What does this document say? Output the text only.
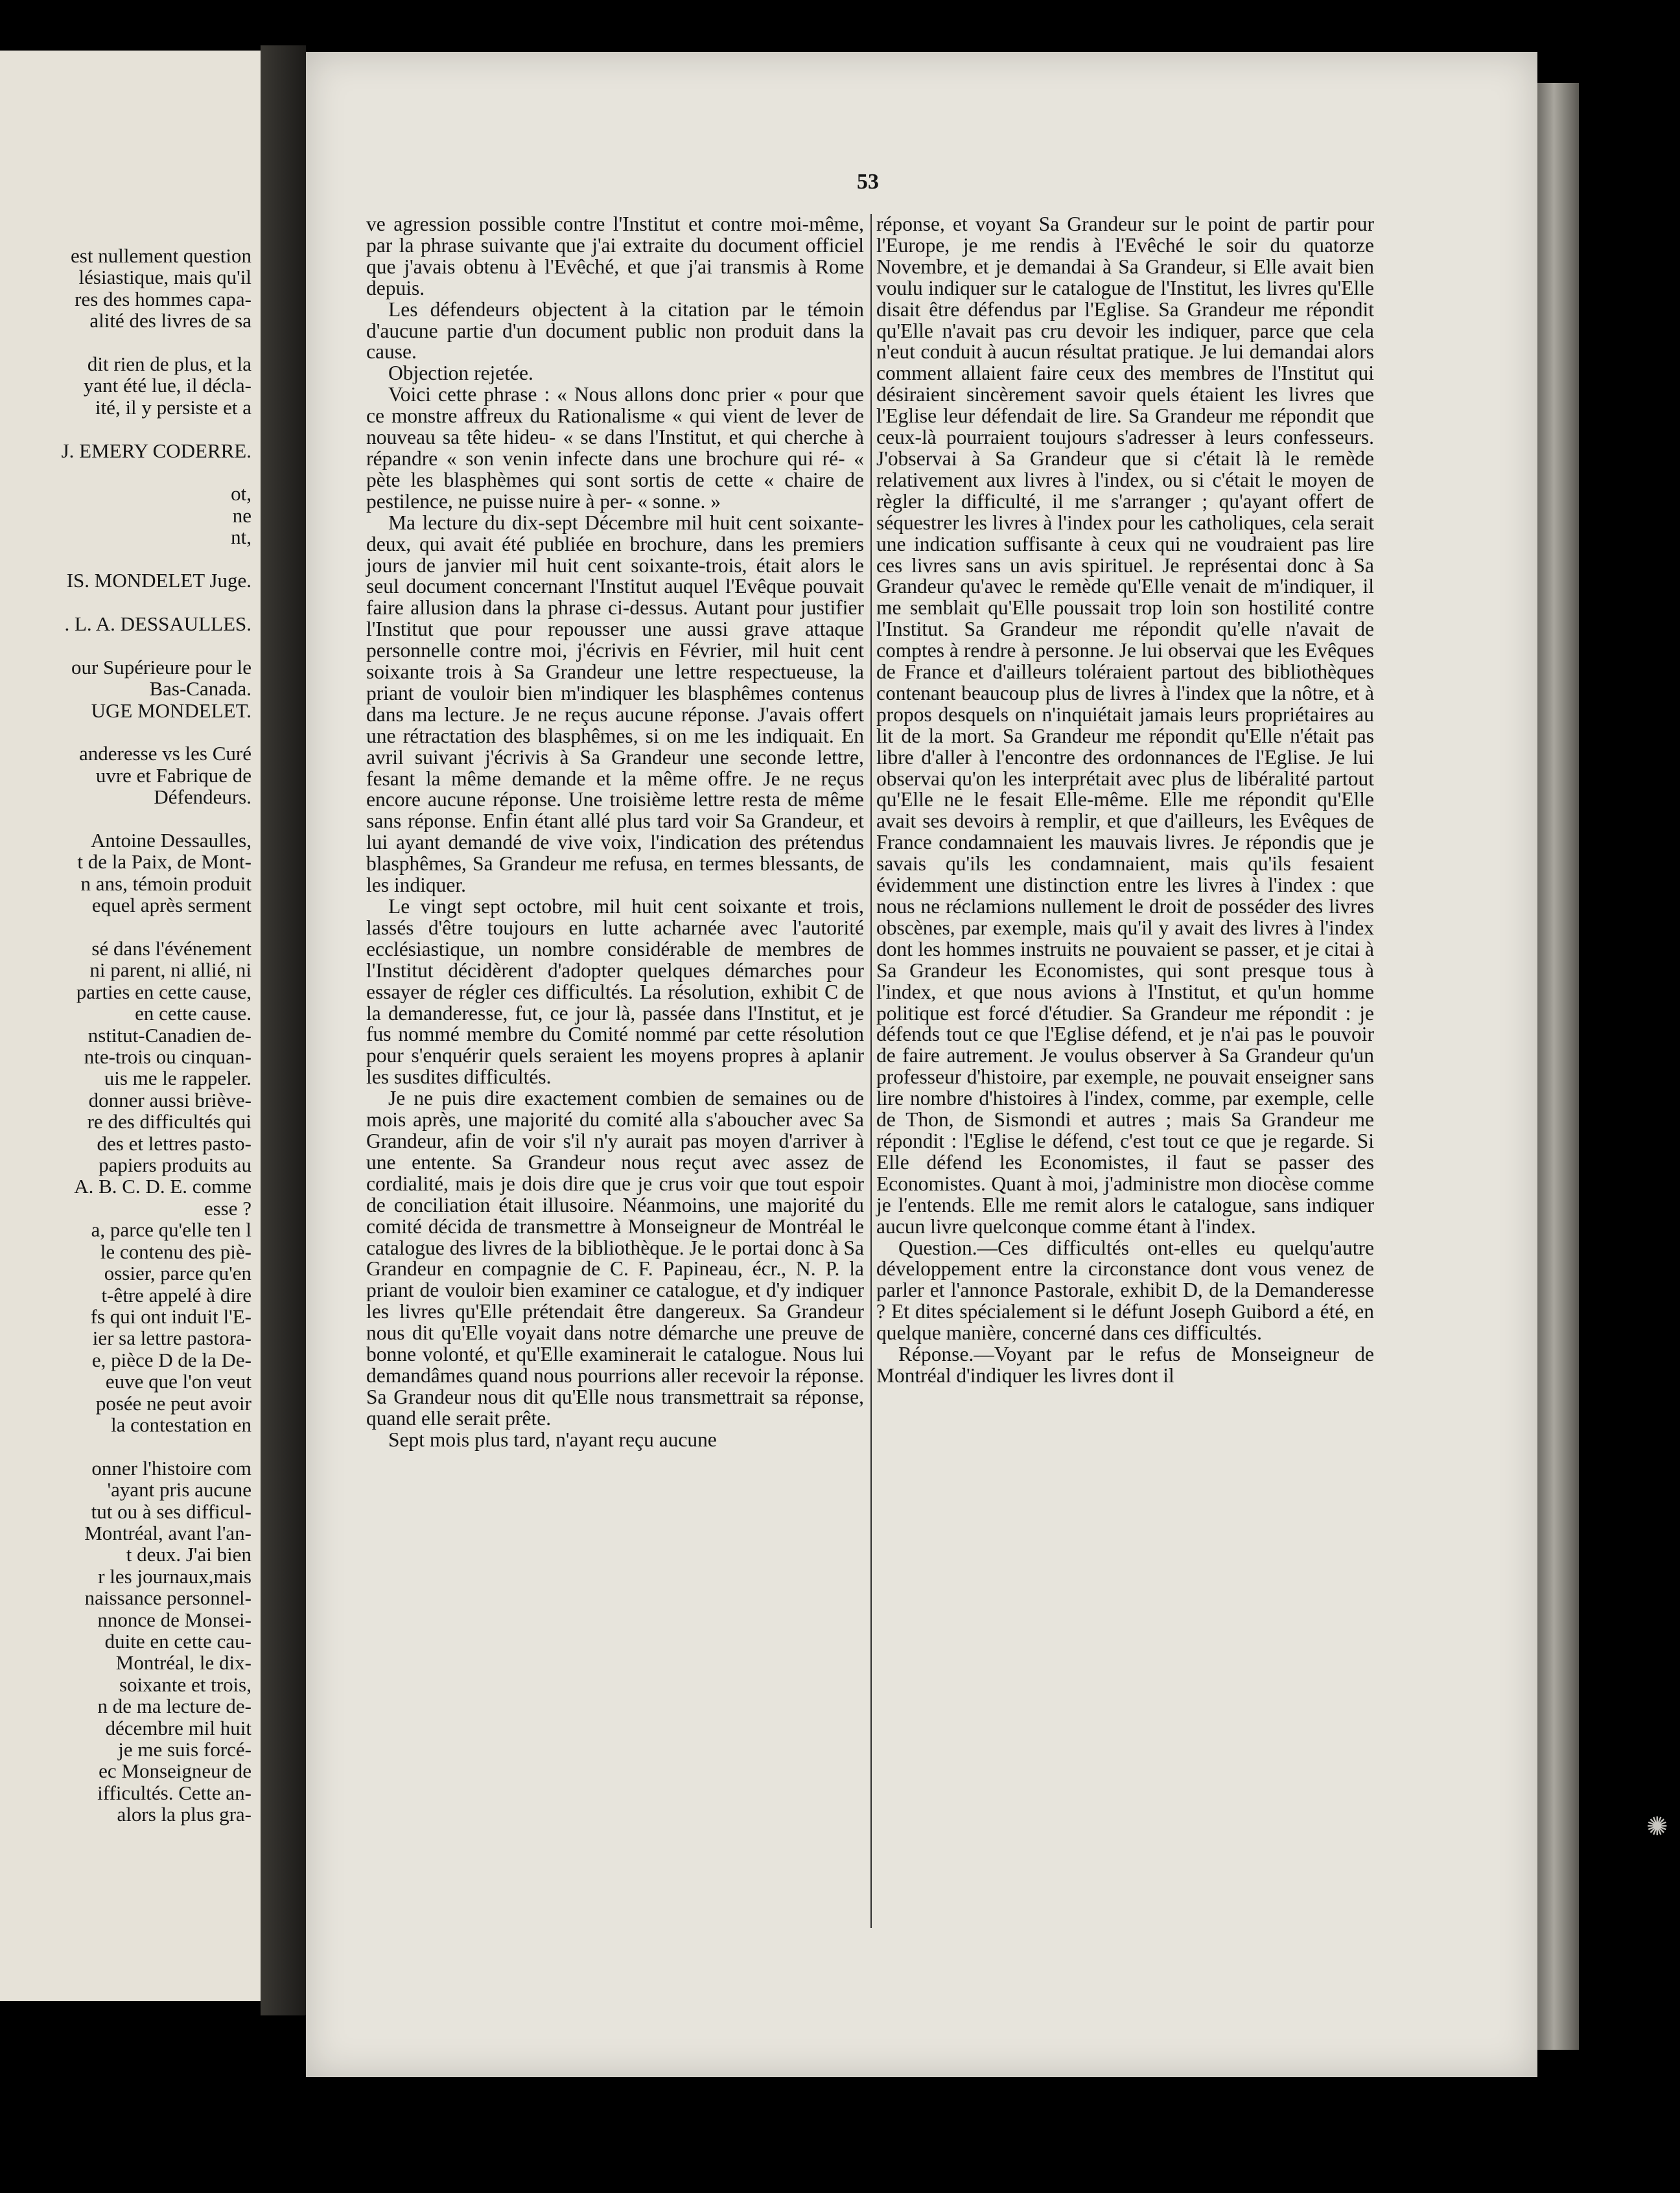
est nullement question

lésiastique, mais qu'il

res des hommes capa-

alité des livres de sa

dit rien de plus, et la

yant été lue, il décla-

ité, il y persiste et a

J. EMERY CODERRE.

ot,

ne

nt,

IS. MONDELET Juge.

. L. A. DESSAULLES.

our Supérieure pour le

Bas-Canada.

UGE MONDELET.

anderesse vs les Curé

uvre et Fabrique de

Défendeurs.

Antoine Dessaulles,

t de la Paix, de Mont-

n ans, témoin produit

equel après serment

sé dans l'événement

ni parent, ni allié, ni

parties en cette cause,

en cette cause.

nstitut-Canadien de-

nte-trois ou cinquan-

uis me le rappeler.

donner aussi briève-

re des difficultés qui

des et lettres pasto-

papiers produits au

A. B. C. D. E. comme

esse ?

a, parce qu'elle ten l

le contenu des piè-

ossier, parce qu'en

t-être appelé à dire

fs qui ont induit l'E-

ier sa lettre pastora-

e, pièce D de la De-

euve que l'on veut

posée ne peut avoir

la contestation en

onner l'histoire com

'ayant pris aucune

tut ou à ses difficul-

Montréal, avant l'an-

t deux. J'ai bien

r les journaux,mais

naissance personnel-

nnonce de Monsei-

duite en cette cau-

Montréal, le dix-

soixante et trois,

n de ma lecture de-

décembre mil huit

je me suis forcé-

ec Monseigneur de

ifficultés. Cette an-

alors la plus gra-

53

ve agression possible contre l'Institut et contre moi-même, par la phrase suivante que j'ai extraite du document officiel que j'avais obtenu à l'Evêché, et que j'ai transmis à Rome depuis.

Les défendeurs objectent à la citation par le témoin d'aucune partie d'un document public non produit dans la cause.

Objection rejetée.

Voici cette phrase : « Nous allons donc prier « pour que ce monstre affreux du Rationalisme « qui vient de lever de nouveau sa tête hideu- « se dans l'Institut, et qui cherche à répandre « son venin infecte dans une brochure qui ré- « pète les blasphèmes qui sont sortis de cette « chaire de pestilence, ne puisse nuire à per- « sonne. »

Ma lecture du dix-sept Décembre mil huit cent soixante-deux, qui avait été publiée en brochure, dans les premiers jours de janvier mil huit cent soixante-trois, était alors le seul document concernant l'Institut auquel l'Evêque pouvait faire allusion dans la phrase ci-dessus. Autant pour justifier l'Institut que pour repousser une aussi grave attaque personnelle contre moi, j'écrivis en Février, mil huit cent soixante trois à Sa Grandeur une lettre respectueuse, la priant de vouloir bien m'indiquer les blasphêmes contenus dans ma lecture. Je ne reçus aucune réponse. J'avais offert une rétractation des blasphêmes, si on me les indiquait. En avril suivant j'écrivis à Sa Grandeur une seconde lettre, fesant la même demande et la même offre. Je ne reçus encore aucune réponse. Une troisième lettre resta de même sans réponse. Enfin étant allé plus tard voir Sa Grandeur, et lui ayant demandé de vive voix, l'indication des prétendus blasphêmes, Sa Grandeur me refusa, en termes blessants, de les indiquer.

Le vingt sept octobre, mil huit cent soixante et trois, lassés d'être toujours en lutte acharnée avec l'autorité ecclésiastique, un nombre considérable de membres de l'Institut décidèrent d'adopter quelques démarches pour essayer de régler ces difficultés. La résolution, exhibit C de la demanderesse, fut, ce jour là, passée dans l'Institut, et je fus nommé membre du Comité nommé par cette résolution pour s'enquérir quels seraient les moyens propres à aplanir les susdites difficultés.

Je ne puis dire exactement combien de semaines ou de mois après, une majorité du comité alla s'aboucher avec Sa Grandeur, afin de voir s'il n'y aurait pas moyen d'arriver à une entente. Sa Grandeur nous reçut avec assez de cordialité, mais je dois dire que je crus voir que tout espoir de conciliation était illusoire. Néanmoins, une majorité du comité décida de transmettre à Monseigneur de Montréal le catalogue des livres de la bibliothèque. Je le portai donc à Sa Grandeur en compagnie de C. F. Papineau, écr., N. P. la priant de vouloir bien examiner ce catalogue, et d'y indiquer les livres qu'Elle prétendait être dangereux. Sa Grandeur nous dit qu'Elle voyait dans notre démarche une preuve de bonne volonté, et qu'Elle examinerait le catalogue. Nous lui demandâmes quand nous pourrions aller recevoir la réponse. Sa Grandeur nous dit qu'Elle nous transmettrait sa réponse, quand elle serait prête.

Sept mois plus tard, n'ayant reçu aucune

réponse, et voyant Sa Grandeur sur le point de partir pour l'Europe, je me rendis à l'Evêché le soir du quatorze Novembre, et je demandai à Sa Grandeur, si Elle avait bien voulu indiquer sur le catalogue de l'Institut, les livres qu'Elle disait être défendus par l'Eglise. Sa Grandeur me répondit qu'Elle n'avait pas cru devoir les indiquer, parce que cela n'eut conduit à aucun résultat pratique. Je lui demandai alors comment allaient faire ceux des membres de l'Institut qui désiraient sincèrement savoir quels étaient les livres que l'Eglise leur défendait de lire. Sa Grandeur me répondit que ceux-là pourraient toujours s'adresser à leurs confesseurs. J'observai à Sa Grandeur que si c'était là le remède relativement aux livres à l'index, ou si c'était le moyen de règler la difficulté, il me s'arranger ; qu'ayant offert de séquestrer les livres à l'index pour les catholiques, cela serait une indication suffisante à ceux qui ne voudraient pas lire ces livres sans un avis spirituel. Je représentai donc à Sa Grandeur qu'avec le remède qu'Elle venait de m'indiquer, il me semblait qu'Elle poussait trop loin son hostilité contre l'Institut. Sa Grandeur me répondit qu'elle n'avait de comptes à rendre à personne. Je lui observai que les Evêques de France et d'ailleurs toléraient partout des bibliothèques contenant beaucoup plus de livres à l'index que la nôtre, et à propos desquels on n'inquiétait jamais leurs propriétaires au lit de la mort. Sa Grandeur me répondit qu'Elle n'était pas libre d'aller à l'encontre des ordonnances de l'Eglise. Je lui observai qu'on les interprétait avec plus de libéralité partout qu'Elle ne le fesait Elle-même. Elle me répondit qu'Elle avait ses devoirs à remplir, et que d'ailleurs, les Evêques de France condamnaient les mauvais livres. Je répondis que je savais qu'ils les condamnaient, mais qu'ils fesaient évidemment une distinction entre les livres à l'index : que nous ne réclamions nullement le droit de posséder des livres obscènes, par exemple, mais qu'il y avait des livres à l'index dont les hommes instruits ne pouvaient se passer, et je citai à Sa Grandeur les Economistes, qui sont presque tous à l'index, et que nous avions à l'Institut, et qu'un homme politique est forcé d'étudier. Sa Grandeur me répondit : je défends tout ce que l'Eglise défend, et je n'ai pas le pouvoir de faire autrement. Je voulus observer à Sa Grandeur qu'un professeur d'histoire, par exemple, ne pouvait enseigner sans lire nombre d'histoires à l'index, comme, par exemple, celle de Thon, de Sismondi et autres ; mais Sa Grandeur me répondit : l'Eglise le défend, c'est tout ce que je regarde. Si Elle défend les Economistes, il faut se passer des Economistes. Quant à moi, j'administre mon diocèse comme je l'entends. Elle me remit alors le catalogue, sans indiquer aucun livre quelconque comme étant à l'index.

Question.—Ces difficultés ont-elles eu quelqu'autre développement entre la circonstance dont vous venez de parler et l'annonce Pastorale, exhibit D, de la Demanderesse ? Et dites spécialement si le défunt Joseph Guibord a été, en quelque manière, concerné dans ces difficultés.

Réponse.—Voyant par le refus de Monseigneur de Montréal d'indiquer les livres dont il

✺
